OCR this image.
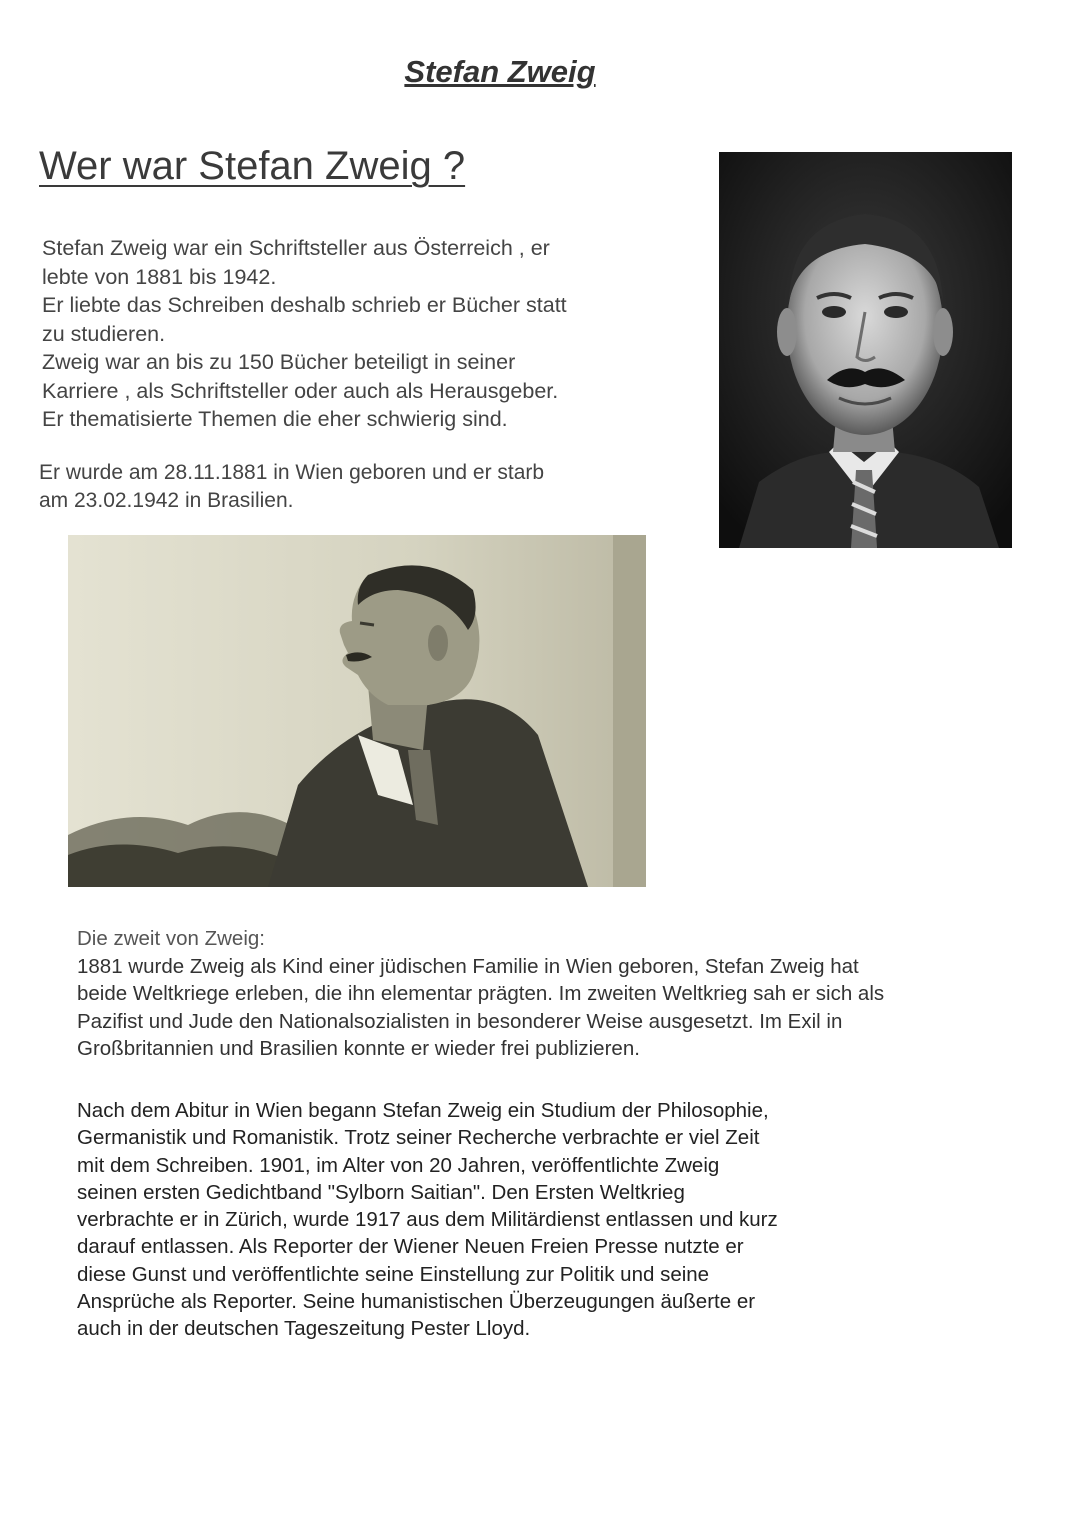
Stefan Zweig
Wer war Stefan Zweig ?

Stefan Zweig war ein Schriftsteller aus Österreich , er
lebte von 1881 bis 1942.
Er liebte das Schreiben deshalb schrieb er Bücher statt
zu studieren.
Zweig war an bis zu 150 Bücher beteiligt in seiner
Karriere , als Schriftsteller oder auch als Herausgeber.
Er thematisierte Themen die eher schwierig sind.

Er wurde am 28.11.1881 in Wien geboren und er starb
am 23.02.1942 in Brasilien.

Die zweit von Zweig:
1881 wurde Zweig als Kind einer jüdischen Familie in Wien geboren, Stefan Zweig hat
beide Weltkriege erleben, die ihn elementar prägten. Im zweiten Weltkrieg sah er sich als
Pazifist und Jude den Nationalsozialisten in besonderer Weise ausgesetzt. Im Exil in
Großbritannien und Brasilien konnte er wieder frei publizieren.

Nach dem Abitur in Wien begann Stefan Zweig ein Studium der Philosophie,
Germanistik und Romanistik. Trotz seiner Recherche verbrachte er viel Zeit
mit dem Schreiben. 1901, im Alter von 20 Jahren, veröffentlichte Zweig
seinen ersten Gedichtband "Sylborn Saitian". Den Ersten Weltkrieg
verbrachte er in Zürich, wurde 1917 aus dem Militärdienst entlassen und kurz
darauf entlassen. Als Reporter der Wiener Neuen Freien Presse nutzte er
diese Gunst und veröffentlichte seine Einstellung zur Politik und seine
Ansprüche als Reporter. Seine humanistischen Überzeugungen äußerte er
auch in der deutschen Tageszeitung Pester Lloyd.
